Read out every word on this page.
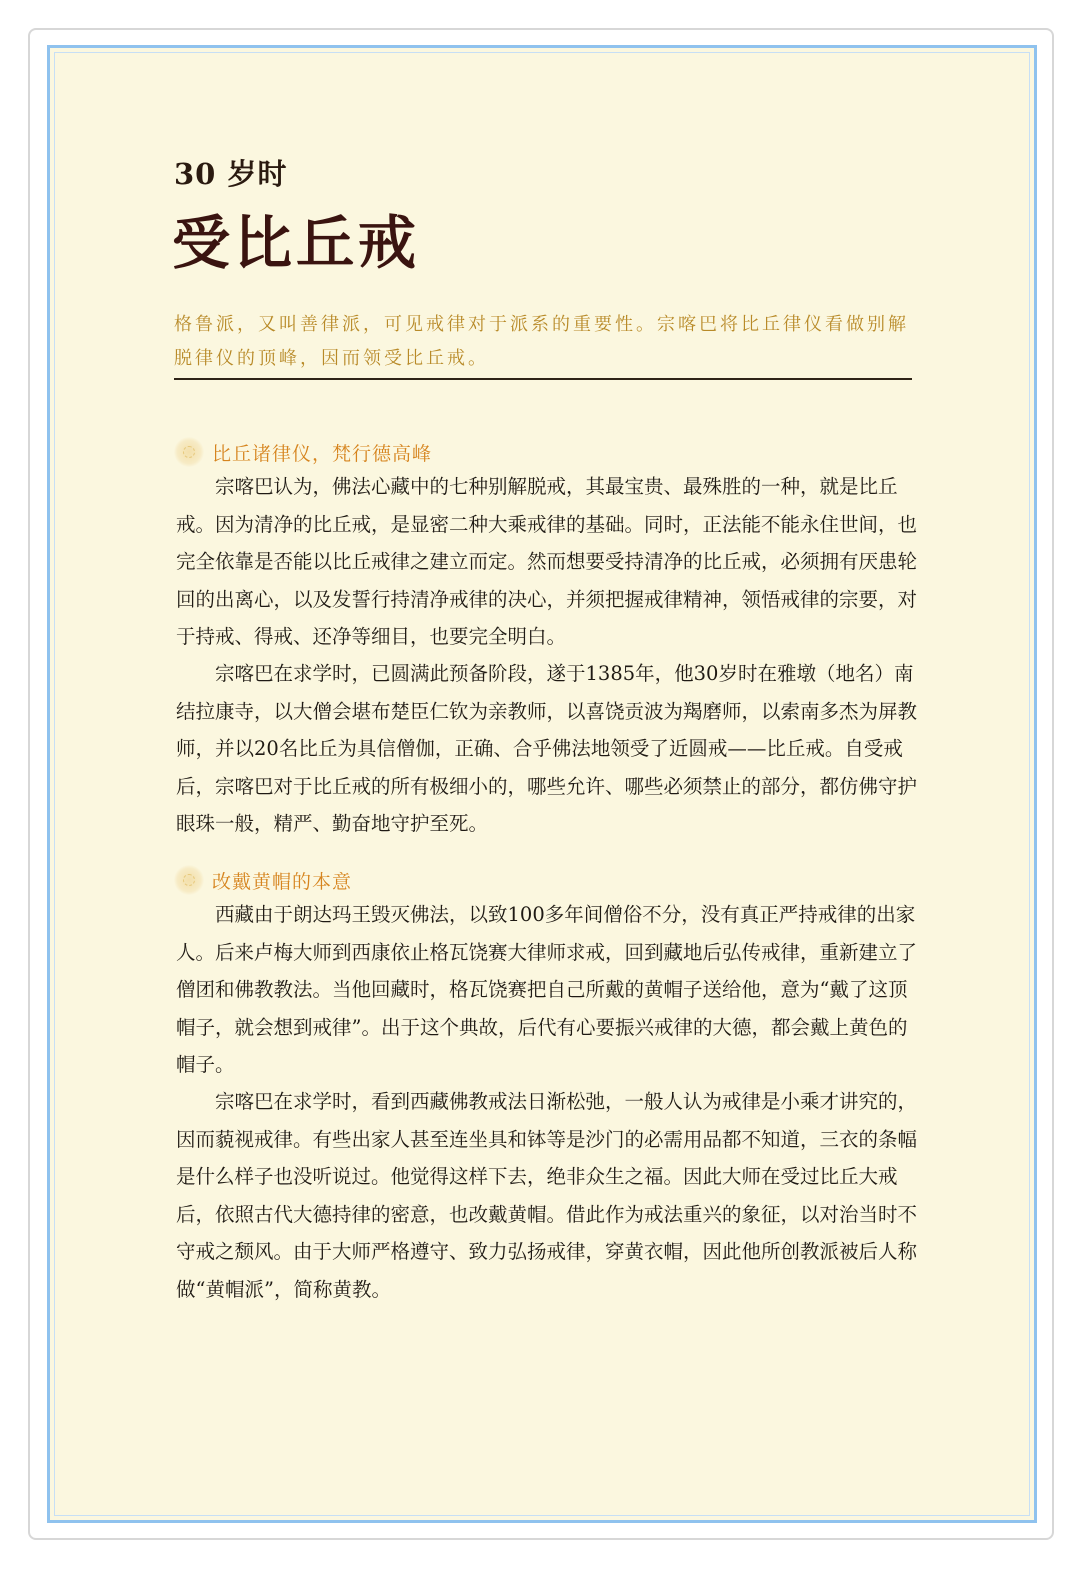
30 岁时
受比丘戒

格鲁派，又叫善律派，可见戒律对于派系的重要性。宗喀巴将比丘律仪看做别解脱律仪的顶峰，因而领受比丘戒。

比丘诸律仪，梵行德高峰

宗喀巴认为，佛法心藏中的七种别解脱戒，其最宝贵、最殊胜的一种，就是比丘戒。因为清净的比丘戒，是显密二种大乘戒律的基础。同时，正法能不能永住世间，也完全依靠是否能以比丘戒律之建立而定。然而想要受持清净的比丘戒，必须拥有厌患轮回的出离心，以及发誓行持清净戒律的决心，并须把握戒律精神，领悟戒律的宗要，对于持戒、得戒、还净等细目，也要完全明白。

宗喀巴在求学时，已圆满此预备阶段，遂于1385年，他30岁时在雅墩（地名）南结拉康寺，以大僧会堪布楚臣仁钦为亲教师，以喜饶贡波为羯磨师，以索南多杰为屏教师，并以20名比丘为具信僧伽，正确、合乎佛法地领受了近圆戒——比丘戒。自受戒后，宗喀巴对于比丘戒的所有极细小的，哪些允许、哪些必须禁止的部分，都仿佛守护眼珠一般，精严、勤奋地守护至死。

改戴黄帽的本意

西藏由于朗达玛王毁灭佛法，以致100多年间僧俗不分，没有真正严持戒律的出家人。后来卢梅大师到西康依止格瓦饶赛大律师求戒，回到藏地后弘传戒律，重新建立了僧团和佛教教法。当他回藏时，格瓦饶赛把自己所戴的黄帽子送给他，意为“戴了这顶帽子，就会想到戒律”。出于这个典故，后代有心要振兴戒律的大德，都会戴上黄色的帽子。

宗喀巴在求学时，看到西藏佛教戒法日渐松弛，一般人认为戒律是小乘才讲究的，因而藐视戒律。有些出家人甚至连坐具和钵等是沙门的必需用品都不知道，三衣的条幅是什么样子也没听说过。他觉得这样下去，绝非众生之福。因此大师在受过比丘大戒后，依照古代大德持律的密意，也改戴黄帽。借此作为戒法重兴的象征，以对治当时不守戒之颓风。由于大师严格遵守、致力弘扬戒律，穿黄衣帽，因此他所创教派被后人称做“黄帽派”，简称黄教。
